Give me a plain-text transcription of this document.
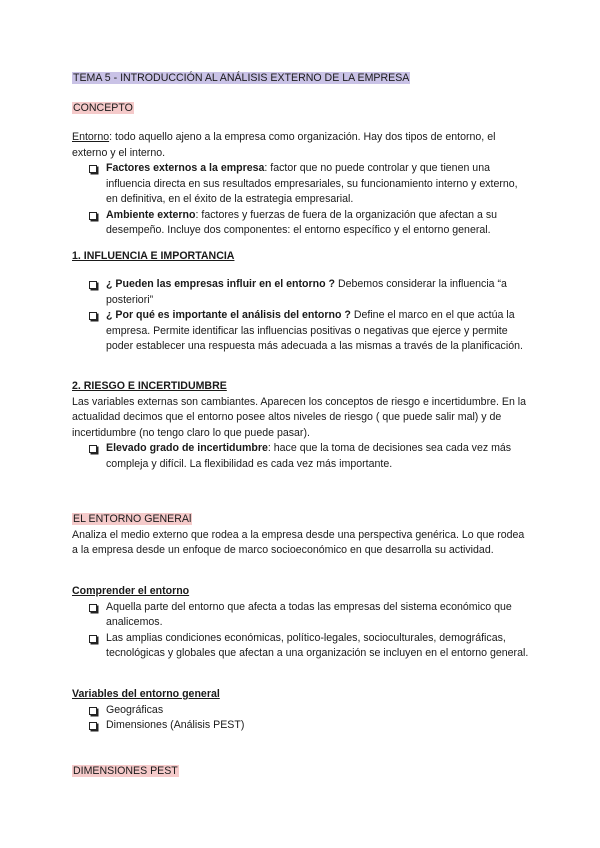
TEMA 5 - INTRODUCCIÓN AL ANÁLISIS EXTERNO DE LA EMPRESA
CONCEPTO

Entorno: todo aquello ajeno a la empresa como organización. Hay dos tipos de entorno, el externo y el interno.

Factores externos a la empresa: factor que no puede controlar y que tienen una influencia directa en sus resultados empresariales, su funcionamiento interno y externo, en definitiva, en el éxito de la estrategia empresarial.
Ambiente externo: factores y fuerzas de fuera de la organización que afectan a su desempeño. Incluye dos componentes: el entorno específico y el entorno general.
1. INFLUENCIA E IMPORTANCIA
¿ Pueden las empresas influir en el entorno ? Debemos considerar la influencia “a posteriori”
¿ Por qué es importante el análisis del entorno ? Define el marco en el que actúa la empresa. Permite identificar las influencias positivas o negativas que ejerce y permite poder establecer una respuesta más adecuada a las mismas a través de la planificación.

2. RIESGO E INCERTIDUMBRE

Las variables externas son cambiantes. Aparecen los conceptos de riesgo e incertidumbre. En la actualidad decimos que el entorno posee altos niveles de riesgo ( que puede salir mal) y de incertidumbre (no tengo claro lo que puede pasar).

Elevado grado de incertidumbre: hace que la toma de decisiones sea cada vez más compleja y difícil. La flexibilidad es cada vez más importante.

EL ENTORNO GENERAl

Analiza el medio externo que rodea a la empresa desde una perspectiva genérica. Lo que rodea a la empresa desde un enfoque de marco socioeconómico en que desarrolla su actividad.

Comprender el entorno

Aquella parte del entorno que afecta a todas las empresas del sistema económico que analicemos.
Las amplias condiciones económicas, político-legales, socioculturales, demográficas, tecnológicas y globales que afectan a una organización se incluyen en el entorno general.

Variables del entorno general

Geográficas
Dimensiones (Análisis PEST)
DIMENSIONES PEST
